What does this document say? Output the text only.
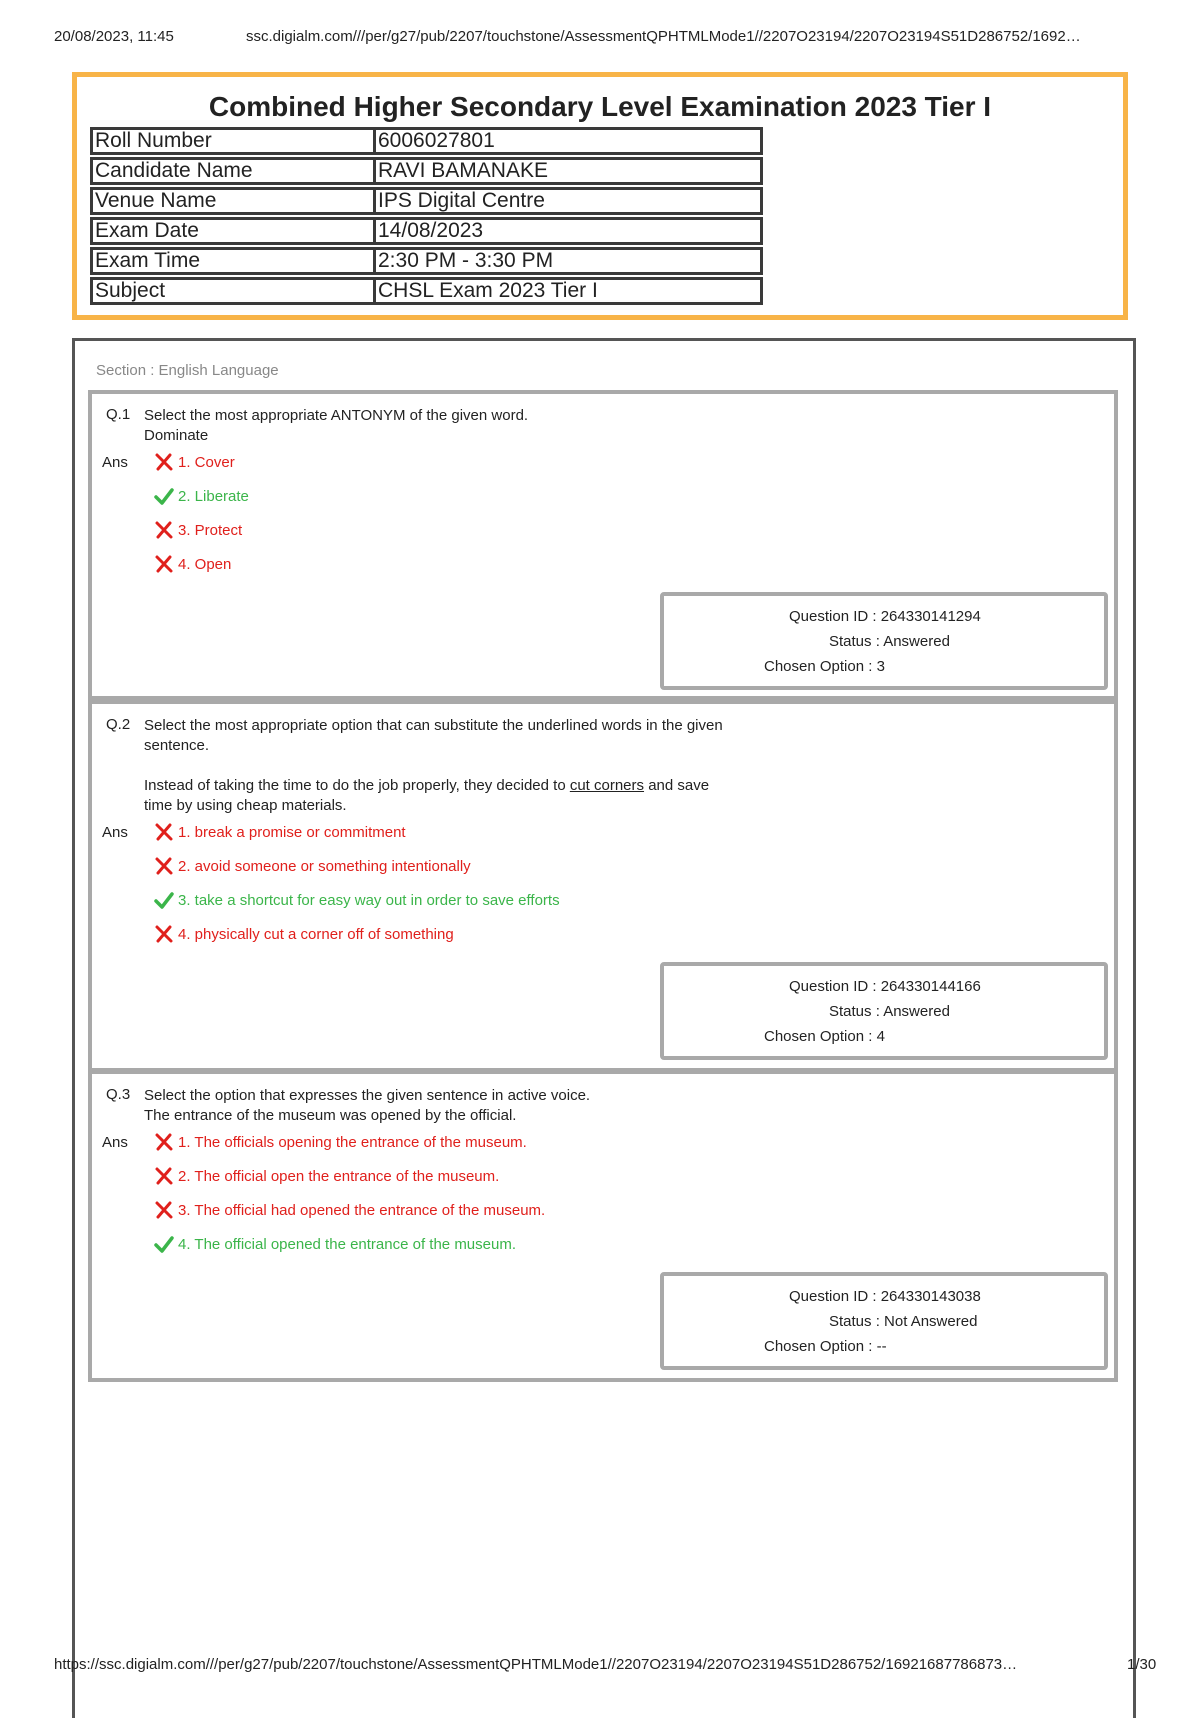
20/08/2023, 11:45	ssc.digialm.com///per/g27/pub/2207/touchstone/AssessmentQPHTMLMode1//2207O23194/2207O23194S51D286752/1692…
Combined Higher Secondary Level Examination 2023 Tier I
Roll Number	6006027801
Candidate Name	RAVI BAMANAKE
Venue Name	IPS Digital Centre
Exam Date	14/08/2023
Exam Time	2:30 PM - 3:30 PM
Subject	CHSL Exam 2023 Tier I
Section : English Language
Q.1 Select the most appropriate ANTONYM of the given word.
Dominate
Ans	1. Cover
2. Liberate
3. Protect
4. Open
Question ID : 264330141294
Status : Answered
Chosen Option : 3
Q.2 Select the most appropriate option that can substitute the underlined words in the given
sentence.
Instead of taking the time to do the job properly, they decided to cut corners and save
time by using cheap materials.
Ans	1. break a promise or commitment
2. avoid someone or something intentionally
3. take a shortcut for easy way out in order to save efforts
4. physically cut a corner off of something
Question ID : 264330144166
Status : Answered
Chosen Option : 4
Q.3 Select the option that expresses the given sentence in active voice.
The entrance of the museum was opened by the official.
Ans	1. The officials opening the entrance of the museum.
2. The official open the entrance of the museum.
3. The official had opened the entrance of the museum.
4. The official opened the entrance of the museum.
Question ID : 264330143038
Status : Not Answered
Chosen Option : --
https://ssc.digialm.com///per/g27/pub/2207/touchstone/AssessmentQPHTMLMode1//2207O23194/2207O23194S51D286752/16921687786873…	1/30
